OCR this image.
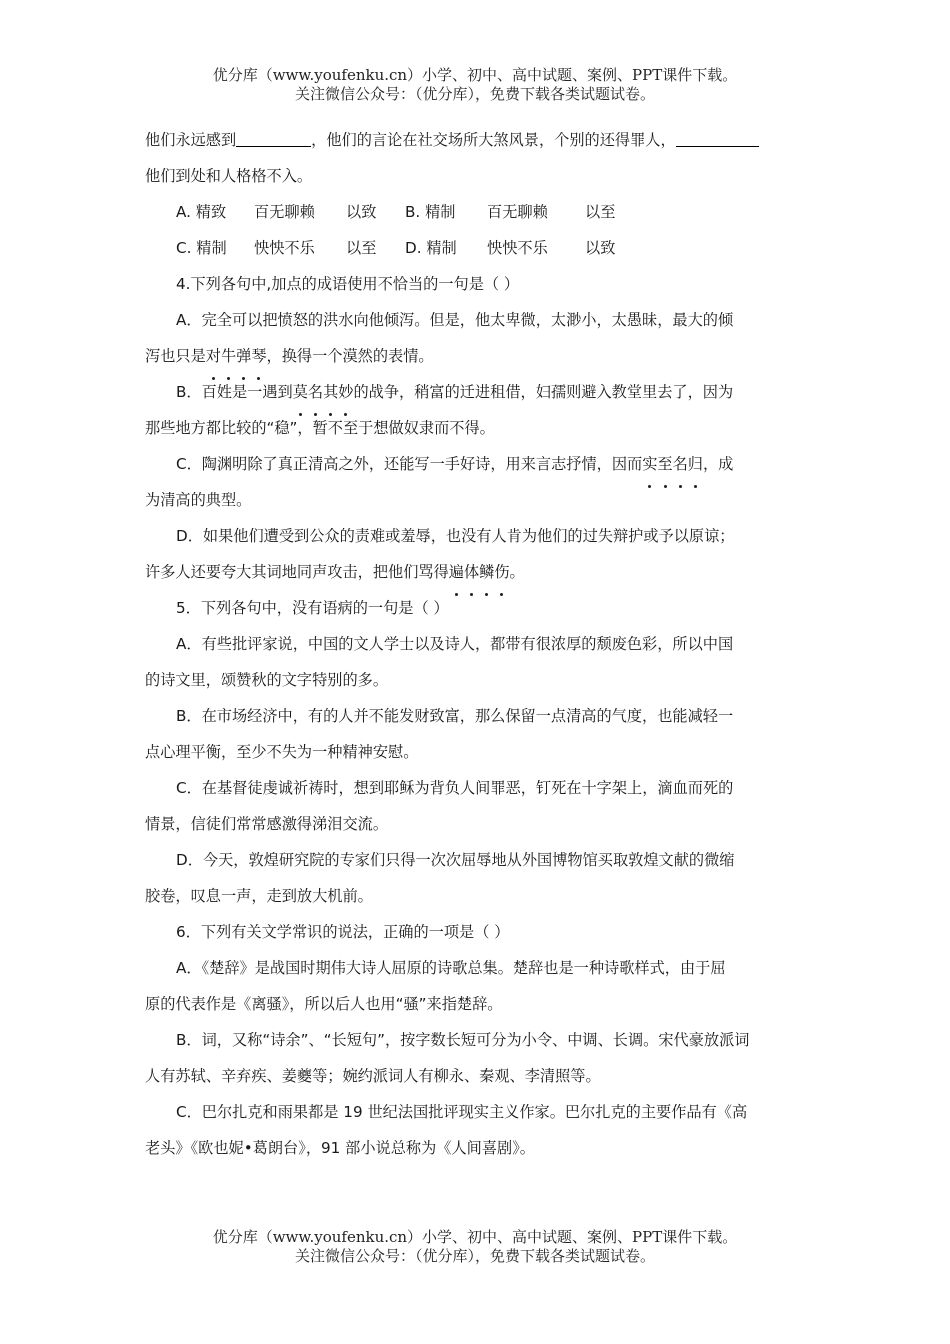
优分库（www.youfenku.cn）小学、初中、高中试题、案例、PPT课件下载。
关注微信公众号：（优分库），免费下载各类试题试卷。

他们永远感到	，他们的言论在社交场所大煞风景，个别的还得罪人，

他们到处和人格格不入。

A. 精致 百无聊赖 以致 B. 精制 百无聊赖 以至

C. 精制 怏怏不乐 以至 D. 精制 怏怏不乐 以致

4.下列各句中,加点的成语使用不恰当的一句是（ ）

A．完全可以把愤怒的洪水向他倾泻。但是，他太卑微，太渺小，太愚昧，最大的倾

泻也只是对牛弹琴，换得一个漠然的表情。

B．百姓是一遇到莫名其妙的战争，稍富的迁进租借，妇孺则避入教堂里去了，因为

那些地方都比较的“稳”，暂不至于想做奴隶而不得。

C．陶渊明除了真正清高之外，还能写一手好诗，用来言志抒情，因而实至名归，成

为清高的典型。

D．如果他们遭受到公众的责难或羞辱，也没有人肯为他们的过失辩护或予以原谅；

许多人还要夸大其词地同声攻击，把他们骂得遍体鳞伤。

5．下列各句中，没有语病的一句是（ ）

A．有些批评家说，中国的文人学士以及诗人，都带有很浓厚的颓废色彩，所以中国

的诗文里，颂赞秋的文字特别的多。

B．在市场经济中，有的人并不能发财致富，那么保留一点清高的气度，也能减轻一

点心理平衡，至少不失为一种精神安慰。

C．在基督徒虔诚祈祷时，想到耶稣为背负人间罪恶，钉死在十字架上，滴血而死的

情景，信徒们常常感激得涕泪交流。

D．今天，敦煌研究院的专家们只得一次次屈辱地从外国博物馆买取敦煌文献的微缩

胶卷，叹息一声，走到放大机前。

6．下列有关文学常识的说法，正确的一项是（ ）

A．《楚辞》是战国时期伟大诗人屈原的诗歌总集。楚辞也是一种诗歌样式，由于屈

原的代表作是《离骚》，所以后人也用“骚”来指楚辞。

B．词，又称“诗余”、“长短句”，按字数长短可分为小令、中调、长调。宋代豪放派词

人有苏轼、辛弃疾、姜夔等；婉约派词人有柳永、秦观、李清照等。

C．巴尔扎克和雨果都是 19 世纪法国批评现实主义作家。巴尔扎克的主要作品有《高

老头》《欧也妮•葛朗台》，91 部小说总称为《人间喜剧》。

优分库（www.youfenku.cn）小学、初中、高中试题、案例、PPT课件下载。
关注微信公众号：（优分库），免费下载各类试题试卷。
